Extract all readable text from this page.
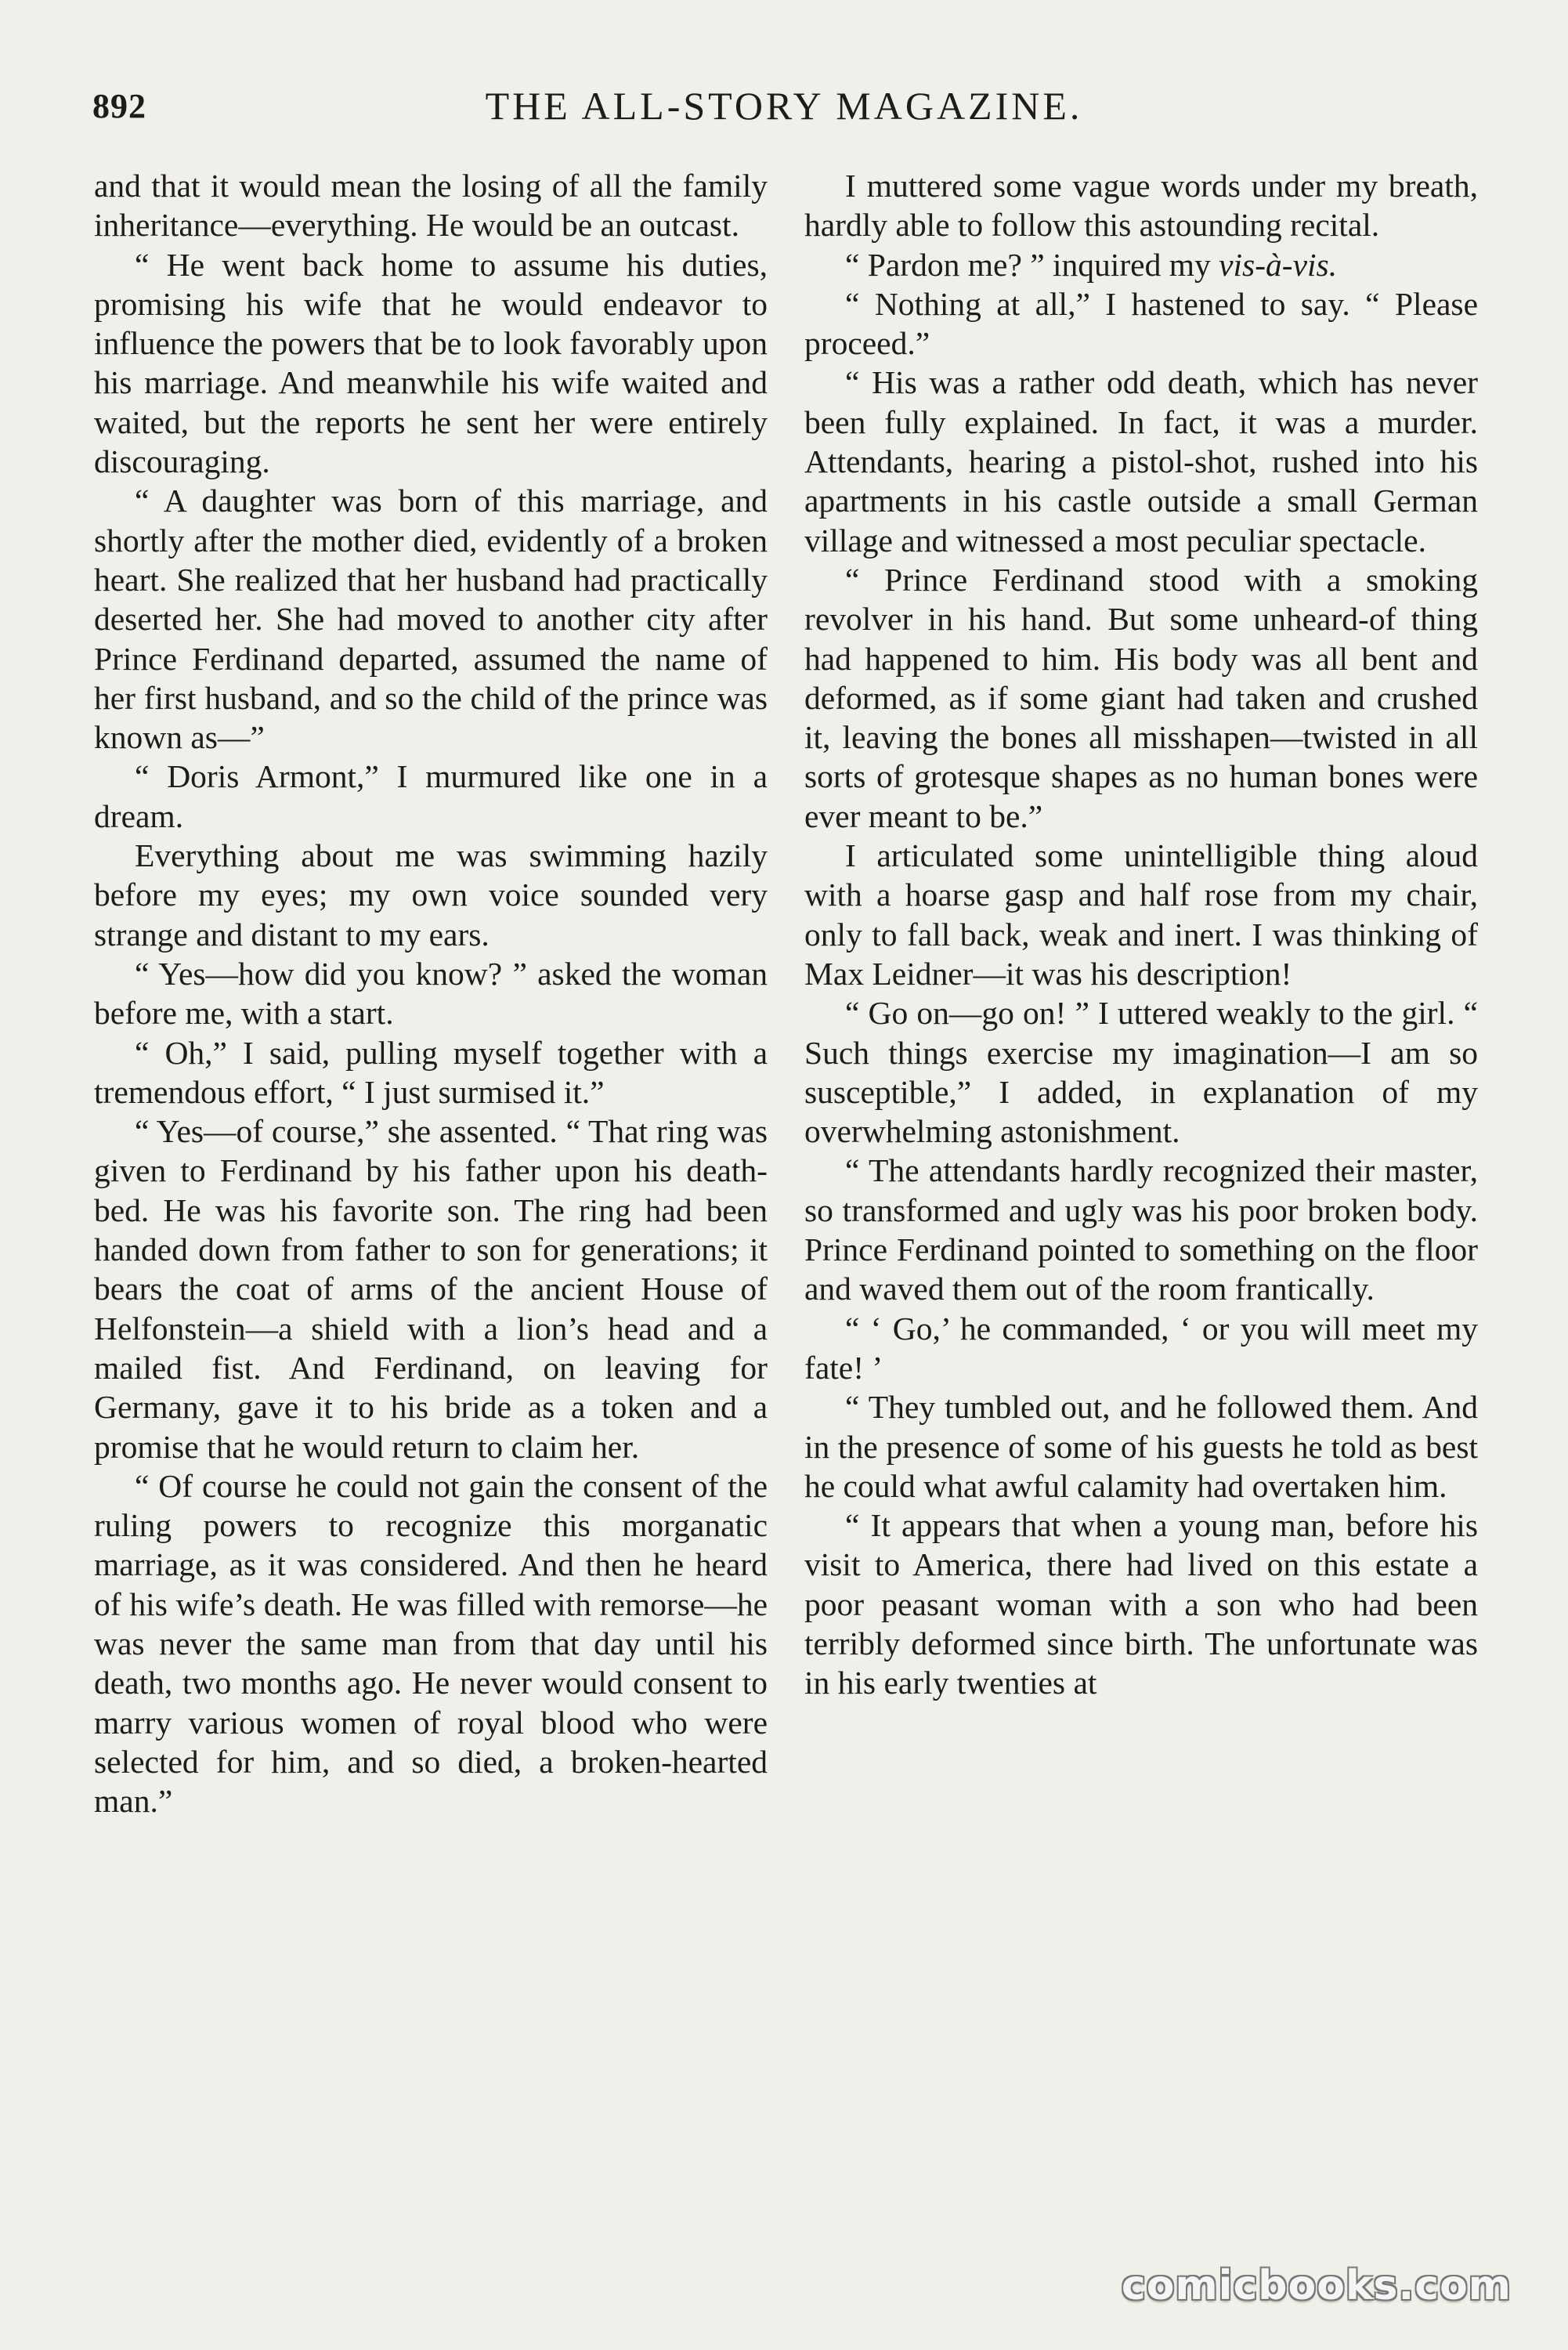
892	THE ALL-STORY MAGAZINE.

and that it would mean the losing of all the family inheritance—everything. He would be an outcast.

“ He went back home to assume his duties, promising his wife that he would endeavor to influence the powers that be to look favorably upon his marriage. And meanwhile his wife waited and waited, but the reports he sent her were entirely discouraging.

“ A daughter was born of this marriage, and shortly after the mother died, evidently of a broken heart. She realized that her husband had practically deserted her. She had moved to another city after Prince Ferdinand departed, assumed the name of her first husband, and so the child of the prince was known as—”

“ Doris Armont,” I murmured like one in a dream.

Everything about me was swimming hazily before my eyes; my own voice sounded very strange and distant to my ears.

“ Yes—how did you know? ” asked the woman before me, with a start.

“ Oh,” I said, pulling myself together with a tremendous effort, “ I just surmised it.”

“ Yes—of course,” she assented. “ That ring was given to Ferdinand by his father upon his death-bed. He was his favorite son. The ring had been handed down from father to son for generations; it bears the coat of arms of the ancient House of Helfonstein—a shield with a lion’s head and a mailed fist. And Ferdinand, on leaving for Germany, gave it to his bride as a token and a promise that he would return to claim her.

“ Of course he could not gain the consent of the ruling powers to recognize this morganatic marriage, as it was considered. And then he heard of his wife’s death. He was filled with remorse—he was never the same man from that day until his death, two months ago. He never would consent to marry various women of royal blood who were selected for him, and so died, a broken-hearted man.”

I muttered some vague words under my breath, hardly able to follow this astounding recital.

“ Pardon me? ” inquired my vis-à-vis.

“ Nothing at all,” I hastened to say. “ Please proceed.”

“ His was a rather odd death, which has never been fully explained. In fact, it was a murder. Attendants, hearing a pistol-shot, rushed into his apartments in his castle outside a small German village and witnessed a most peculiar spectacle.

“ Prince Ferdinand stood with a smoking revolver in his hand. But some unheard-of thing had happened to him. His body was all bent and deformed, as if some giant had taken and crushed it, leaving the bones all misshapen—twisted in all sorts of grotesque shapes as no human bones were ever meant to be.”

I articulated some unintelligible thing aloud with a hoarse gasp and half rose from my chair, only to fall back, weak and inert. I was thinking of Max Leidner—it was his description!

“ Go on—go on! ” I uttered weakly to the girl. “ Such things exercise my imagination—I am so susceptible,” I added, in explanation of my overwhelming astonishment.

“ The attendants hardly recognized their master, so transformed and ugly was his poor broken body. Prince Ferdinand pointed to something on the floor and waved them out of the room frantically.

“ ‘ Go,’ he commanded, ‘ or you will meet my fate! ’

“ They tumbled out, and he followed them. And in the presence of some of his guests he told as best he could what awful calamity had overtaken him.

“ It appears that when a young man, before his visit to America, there had lived on this estate a poor peasant woman with a son who had been terribly deformed since birth. The unfortunate was in his early twenties at

comicbooks.com
